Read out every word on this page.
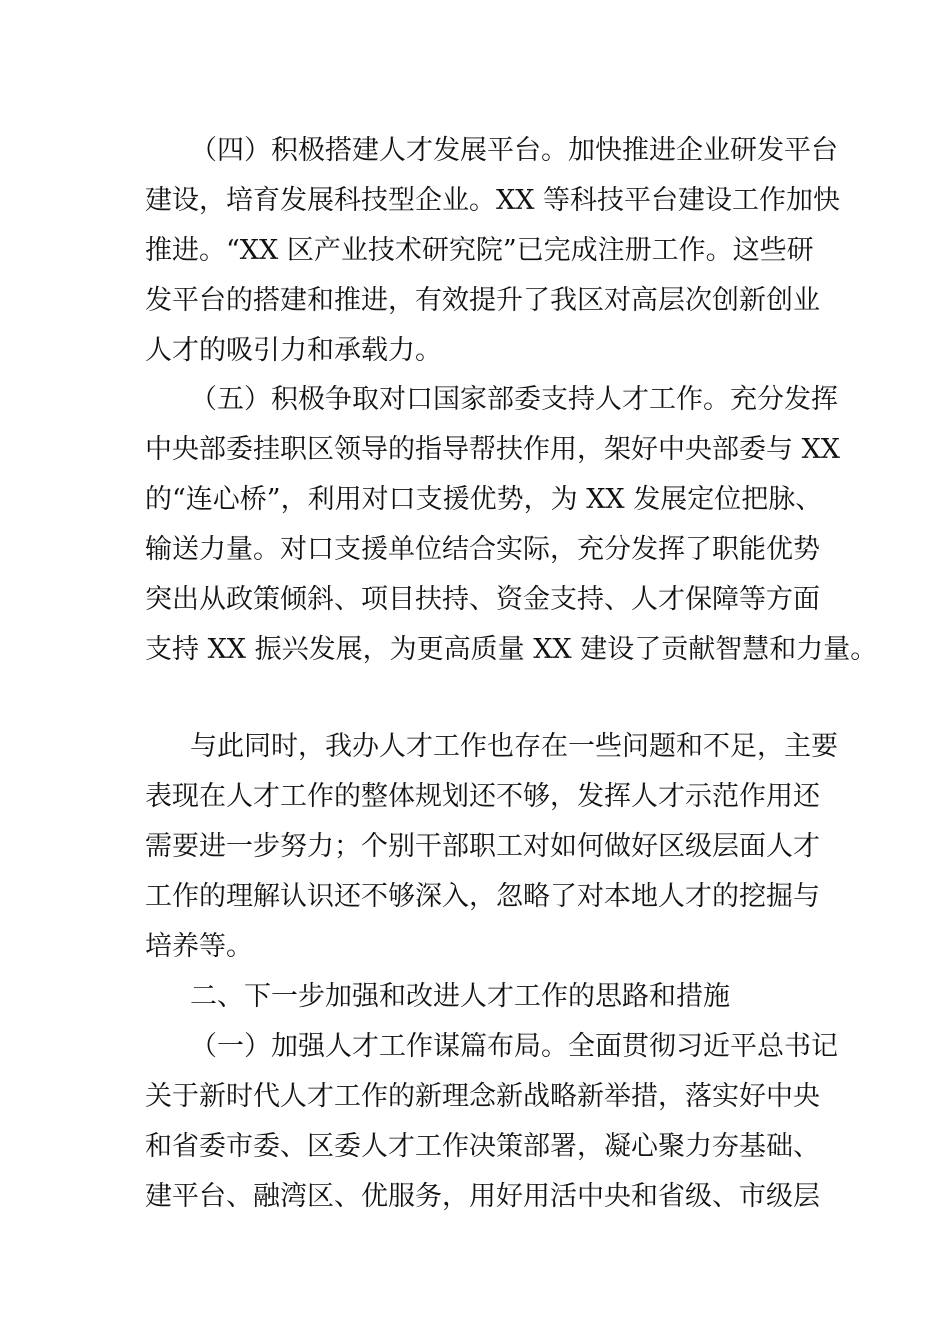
（四）积极搭建人才发展平台。加快推进企业研发平台
建设，培育发展科技型企业。XX 等科技平台建设工作加快
推进。“XX 区产业技术研究院”已完成注册工作。这些研
发平台的搭建和推进，有效提升了我区对高层次创新创业
人才的吸引力和承载力。
（五）积极争取对口国家部委支持人才工作。充分发挥
中央部委挂职区领导的指导帮扶作用，架好中央部委与 XX
的“连心桥”，利用对口支援优势，为 XX 发展定位把脉、
输送力量。对口支援单位结合实际，充分发挥了职能优势
突出从政策倾斜、项目扶持、资金支持、人才保障等方面
支持 XX 振兴发展，为更高质量 XX 建设了贡献智慧和力量。
与此同时，我办人才工作也存在一些问题和不足，主要
表现在人才工作的整体规划还不够，发挥人才示范作用还
需要进一步努力；个别干部职工对如何做好区级层面人才
工作的理解认识还不够深入，忽略了对本地人才的挖掘与
培养等。
二、下一步加强和改进人才工作的思路和措施
（一）加强人才工作谋篇布局。全面贯彻习近平总书记
关于新时代人才工作的新理念新战略新举措，落实好中央
和省委市委、区委人才工作决策部署，凝心聚力夯基础、
建平台、融湾区、优服务，用好用活中央和省级、市级层
